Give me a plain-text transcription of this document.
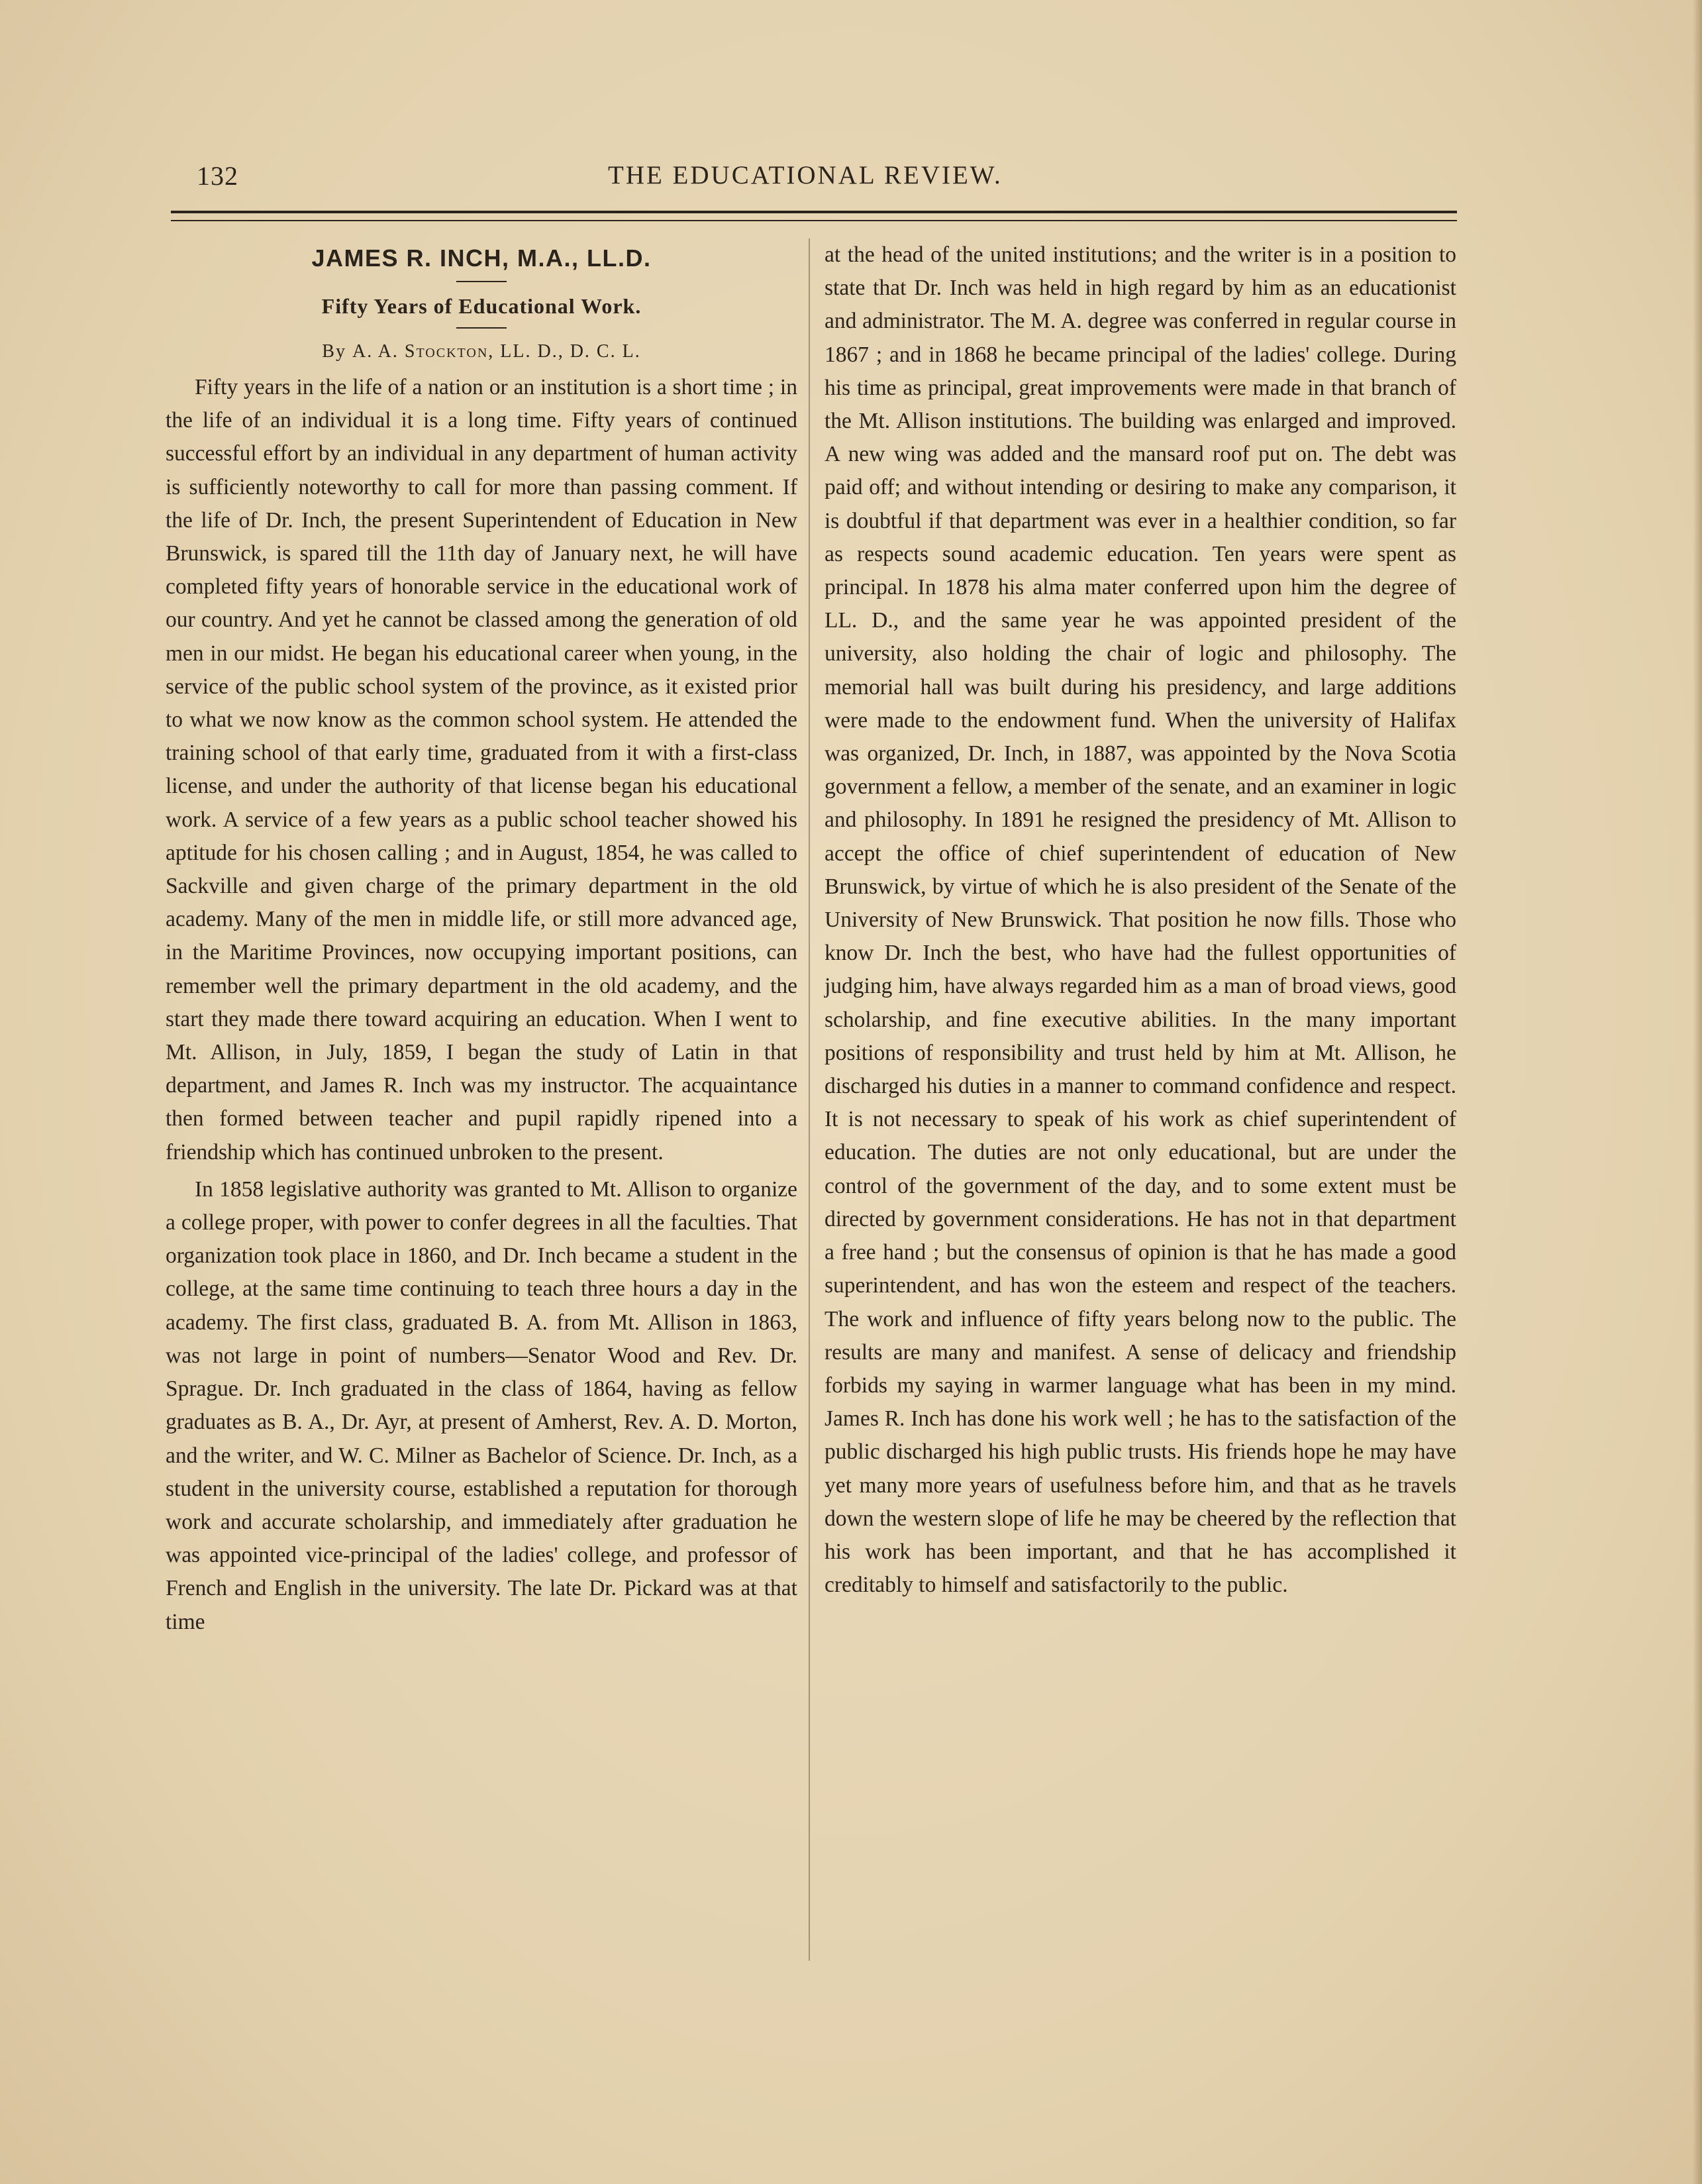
132	THE EDUCATIONAL REVIEW.
JAMES R. INCH, M.A., LL.D.
Fifty Years of Educational Work.

By A. A. Stockton, LL. D., D. C. L.

Fifty years in the life of a nation or an institution is a short time ; in the life of an individual it is a long time. Fifty years of continued successful effort by an individual in any department of human activity is sufficiently noteworthy to call for more than passing comment. If the life of Dr. Inch, the present Superintendent of Education in New Brunswick, is spared till the 11th day of January next, he will have completed fifty years of honorable service in the educational work of our country. And yet he cannot be classed among the generation of old men in our midst. He began his educational career when young, in the service of the public school system of the province, as it existed prior to what we now know as the common school system. He attended the training school of that early time, graduated from it with a first-class license, and under the authority of that license began his educational work. A service of a few years as a public school teacher showed his aptitude for his chosen calling ; and in August, 1854, he was called to Sackville and given charge of the primary department in the old academy. Many of the men in middle life, or still more advanced age, in the Maritime Provinces, now occupying important positions, can remember well the primary department in the old academy, and the start they made there toward acquiring an education. When I went to Mt. Allison, in July, 1859, I began the study of Latin in that department, and James R. Inch was my instructor. The acquaintance then formed between teacher and pupil rapidly ripened into a friendship which has continued unbroken to the present.

In 1858 legislative authority was granted to Mt. Allison to organize a college proper, with power to confer degrees in all the faculties. That organization took place in 1860, and Dr. Inch became a student in the college, at the same time continuing to teach three hours a day in the academy. The first class, graduated B. A. from Mt. Allison in 1863, was not large in point of numbers—Senator Wood and Rev. Dr. Sprague. Dr. Inch graduated in the class of 1864, having as fellow graduates as B. A., Dr. Ayr, at present of Amherst, Rev. A. D. Morton, and the writer, and W. C. Milner as Bachelor of Science. Dr. Inch, as a student in the university course, established a reputation for thorough work and accurate scholarship, and immediately after graduation he was appointed vice-principal of the ladies' college, and professor of French and English in the university. The late Dr. Pickard was at that time

at the head of the united institutions; and the writer is in a position to state that Dr. Inch was held in high regard by him as an educationist and administrator. The M. A. degree was conferred in regular course in 1867 ; and in 1868 he became principal of the ladies' college. During his time as principal, great improvements were made in that branch of the Mt. Allison institutions. The building was enlarged and improved. A new wing was added and the mansard roof put on. The debt was paid off; and without intending or desiring to make any comparison, it is doubtful if that department was ever in a healthier condition, so far as respects sound academic education. Ten years were spent as principal. In 1878 his alma mater conferred upon him the degree of LL. D., and the same year he was appointed president of the university, also holding the chair of logic and philosophy. The memorial hall was built during his presidency, and large additions were made to the endowment fund. When the university of Halifax was organized, Dr. Inch, in 1887, was appointed by the Nova Scotia government a fellow, a member of the senate, and an examiner in logic and philosophy. In 1891 he resigned the presidency of Mt. Allison to accept the office of chief superintendent of education of New Brunswick, by virtue of which he is also president of the Senate of the University of New Brunswick. That position he now fills. Those who know Dr. Inch the best, who have had the fullest opportunities of judging him, have always regarded him as a man of broad views, good scholarship, and fine executive abilities. In the many important positions of responsibility and trust held by him at Mt. Allison, he discharged his duties in a manner to command confidence and respect. It is not necessary to speak of his work as chief superintendent of education. The duties are not only educational, but are under the control of the government of the day, and to some extent must be directed by government considerations. He has not in that department a free hand ; but the consensus of opinion is that he has made a good superintendent, and has won the esteem and respect of the teachers. The work and influence of fifty years belong now to the public. The results are many and manifest. A sense of delicacy and friendship forbids my saying in warmer language what has been in my mind. James R. Inch has done his work well ; he has to the satisfaction of the public discharged his high public trusts. His friends hope he may have yet many more years of usefulness before him, and that as he travels down the western slope of life he may be cheered by the reflection that his work has been important, and that he has accomplished it creditably to himself and satisfactorily to the public.
